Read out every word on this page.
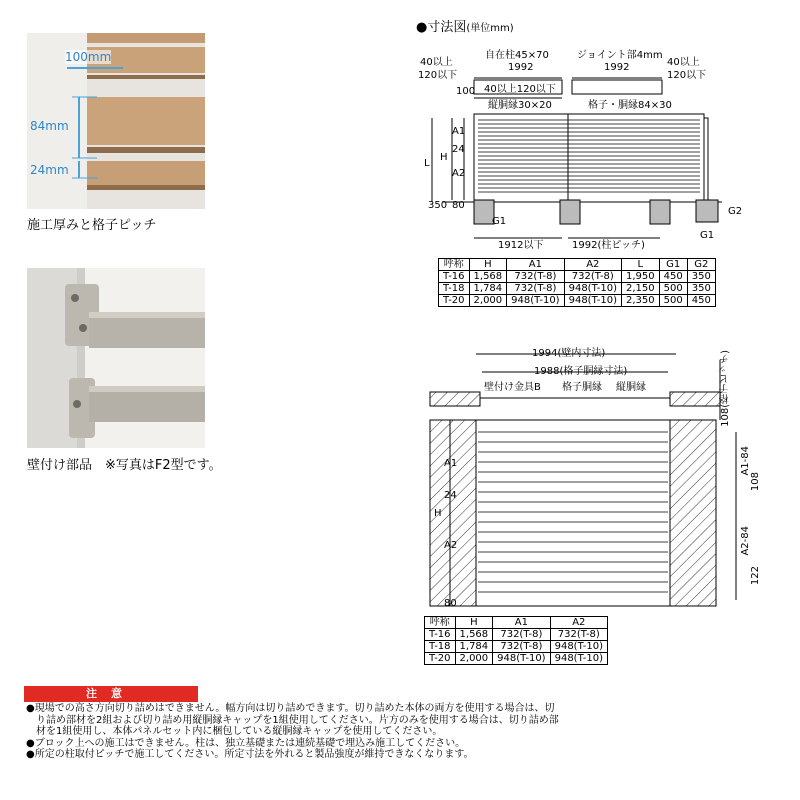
100mm
84mm
24mm
施工厚みと格子ピッチ
壁付け部品　※写真はF2型です。
●寸法図(単位mm)
40以上
120以下
自在柱45×70	ジョイント部4mm
40以上
120以下
1992	1992
40以上120以下
縦胴縁30×20	格子・胴縁84×30
100
A1
24
H
A2
L
80
350
G1
G2
G1
1912以下	1992(柱ピッチ)
呼称	H	A1	A2	L	G1	G2
T-16	1,568	732(T-8)	732(T-8)	1,950	450	350
T-18	1,784	732(T-8)	948(T-10)	2,150	500	350
T-20	2,000	948(T-10)	948(T-10)	2,350	500	450
1994(壁内寸法)
1988(格子胴縁寸法)
壁付け金具B 格子胴縁 縦胴縁	108(格子ピッチ)
A1-84
108
A2-84
122
A1
24
H
A2
80
呼称	H	A1	A2
T-16	1,568	732(T-8)	732(T-8)
T-18	1,784	732(T-8)	948(T-10)
T-20	2,000	948(T-10)	948(T-10)
注意
●現場での高さ方向切り詰めはできません。幅方向は切り詰めできます。切り詰めた本体の両方を使用する場合は、切
　り詰め部材を2組および切り詰め用縦胴縁キャップを1組使用してください。片方のみを使用する場合は、切り詰め部
　材を1組使用し、本体パネルセット内に梱包している縦胴縁キャップを使用してください。
●ブロック上への施工はできません。柱は、独立基礎または連続基礎で埋込み施工してください。
●所定の柱取付ピッチで施工してください。所定寸法を外れると製品強度が維持できなくなります。
